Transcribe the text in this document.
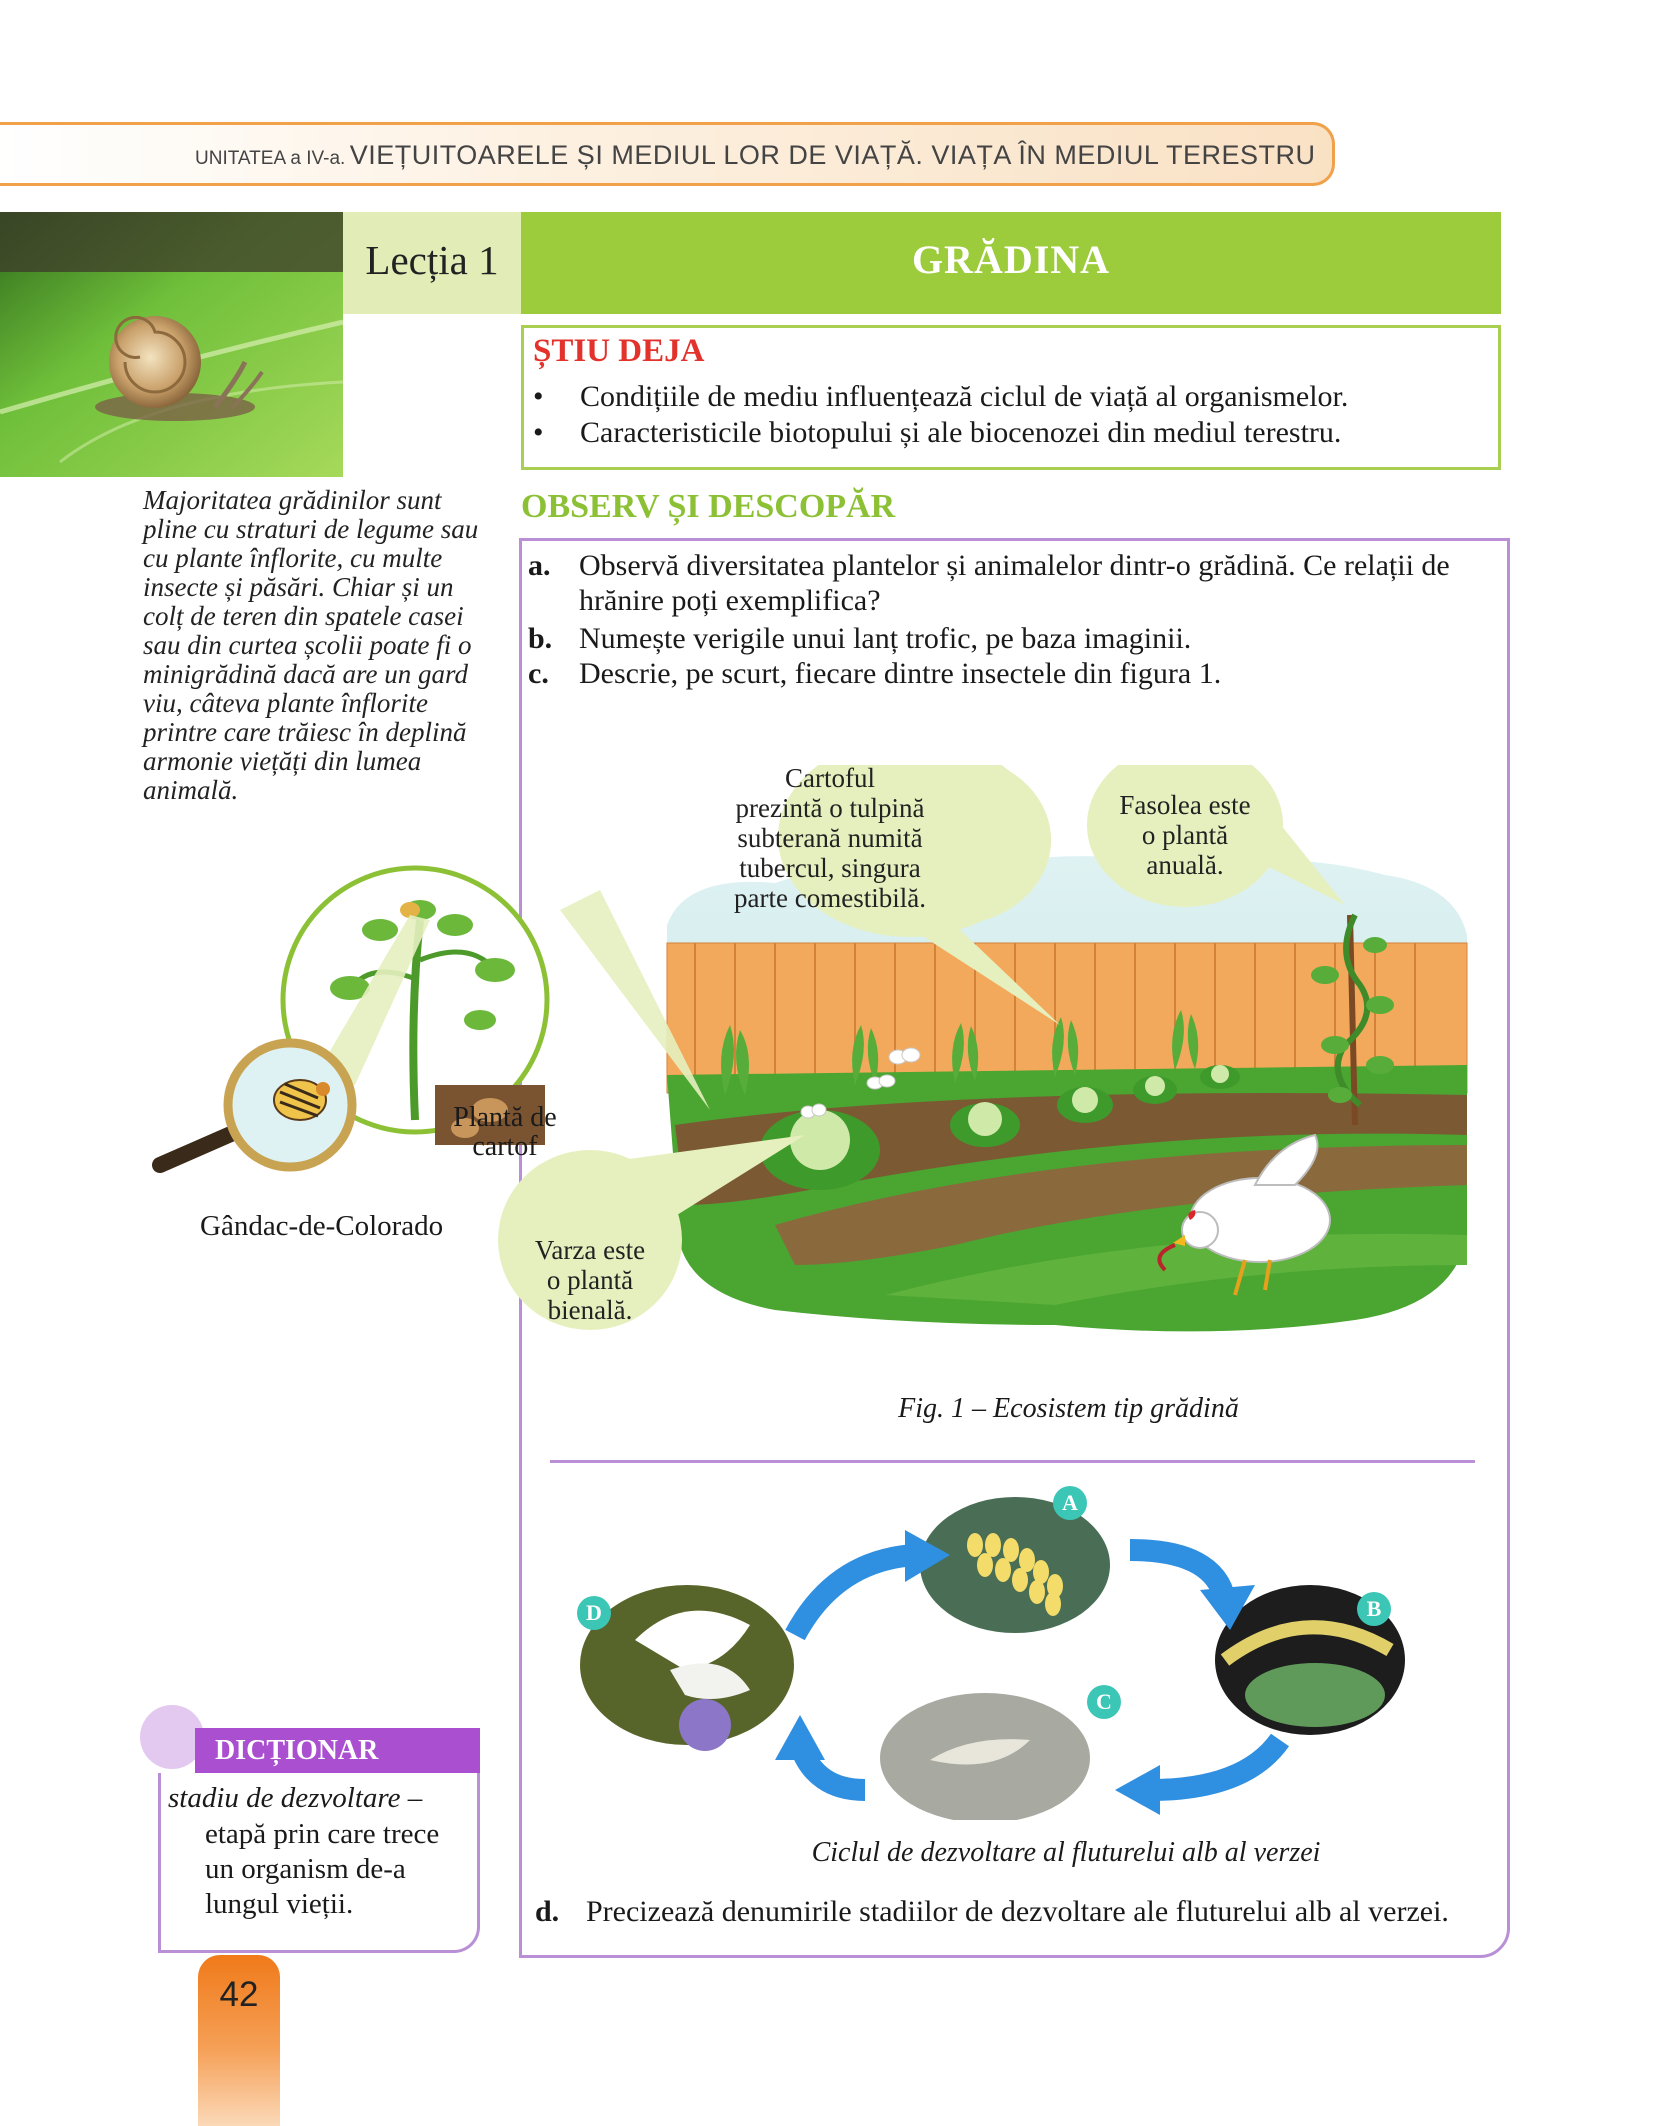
UNITATEA a IV-a. VIEȚUITOARELE ȘI MEDIUL LOR DE VIAȚĂ. VIAȚA ÎN MEDIUL TERESTRU
Lecția 1	GRĂDINA
ȘTIU DEJA
• Condițiile de mediu influențează ciclul de viață al organismelor.
• Caracteristicile biotopului și ale biocenozei din mediul terestru.
Majoritatea grădinilor sunt pline cu straturi de legume sau cu plante înflorite, cu multe insecte și păsări. Chiar și un colț de teren din spatele casei sau din curtea școlii poate fi o minigrădină dacă are un gard viu, câteva plante înflorite printre care trăiesc în deplină armonie viețăți din lumea animală.
OBSERV ȘI DESCOPĂR
a. Observă diversitatea plantelor și animalelor dintr-o grădină. Ce relații de
hrănire poți exemplifica?
b. Numește verigile unui lanț trofic, pe baza imaginii.
c. Descrie, pe scurt, fiecare dintre insectele din figura 1.
Cartoful
prezintă o tulpină
subterană numită
tubercul, singura
parte comestibilă.
Fasolea este
o plantă
anuală.
Varza este
o plantă
bienală.
Fig. 1 – Ecosistem tip grădină
Plantă de
cartof
Gândac-de-Colorado
A
B
C
D
Ciclul de dezvoltare al fluturelui alb al verzei
d. Precizează denumirile stadiilor de dezvoltare ale fluturelui alb al verzei.
DICȚIONAR
stadiu de dezvoltare –
etapă prin care trece
un organism de-a
lungul vieții.
42
